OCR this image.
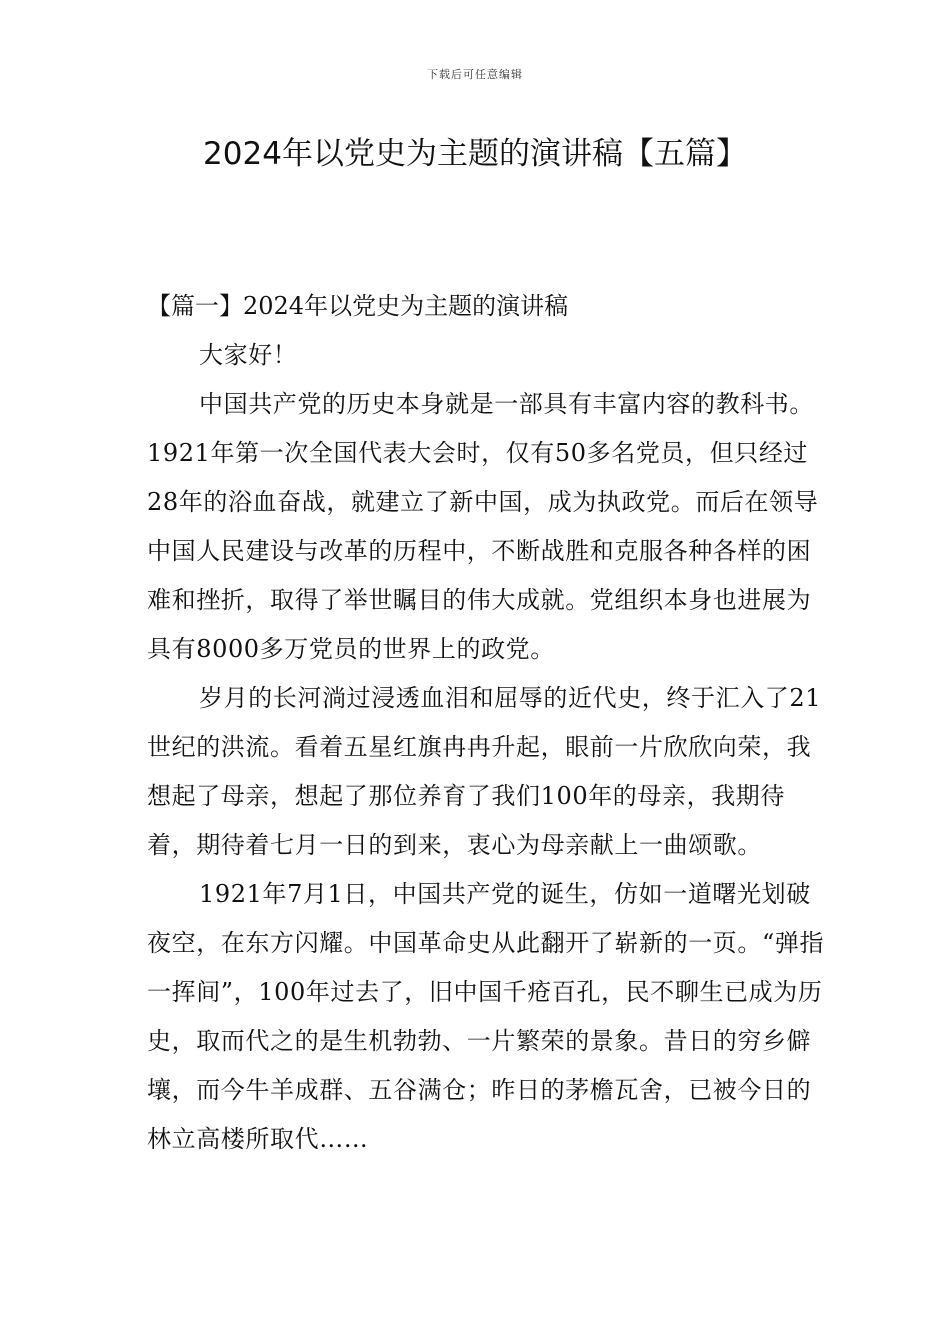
下载后可任意编辑
2024年以党史为主题的演讲稿【五篇】

【篇一】2024年以党史为主题的演讲稿

大家好！

中国共产党的历史本身就是一部具有丰富内容的教科书。1921年第一次全国代表大会时，仅有50多名党员，但只经过28年的浴血奋战，就建立了新中国，成为执政党。而后在领导中国人民建设与改革的历程中，不断战胜和克服各种各样的困难和挫折，取得了举世瞩目的伟大成就。党组织本身也进展为具有8000多万党员的世界上的政党。

岁月的长河淌过浸透血泪和屈辱的近代史，终于汇入了21世纪的洪流。看着五星红旗冉冉升起，眼前一片欣欣向荣，我想起了母亲，想起了那位养育了我们100年的母亲，我期待着，期待着七月一日的到来，衷心为母亲献上一曲颂歌。

1921年7月1日，中国共产党的诞生，仿如一道曙光划破夜空，在东方闪耀。中国革命史从此翻开了崭新的一页。“弹指一挥间”，100年过去了，旧中国千疮百孔，民不聊生已成为历史，取而代之的是生机勃勃、一片繁荣的景象。昔日的穷乡僻壤，而今牛羊成群、五谷满仓；昨日的茅檐瓦舍，已被今日的林立高楼所取代……
